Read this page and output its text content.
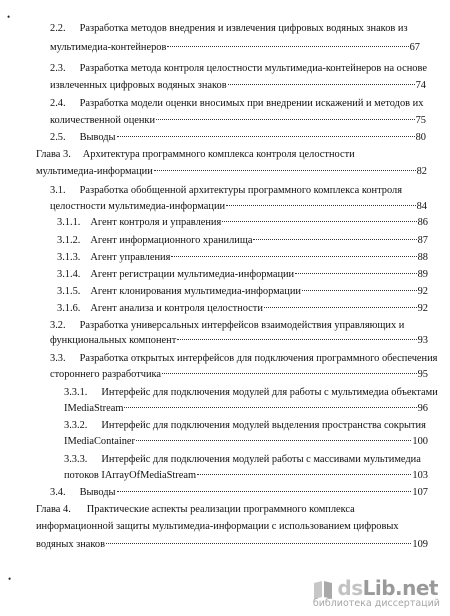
•
2.2. Разработка методов внедрения и извлечения цифровых водяных знаков из
мультимедиа-контейнеров	67
2.3. Разработка метода контроля целостности мультимедиа-контейнеров на основе
извлеченных цифровых водяных знаков	74
2.4. Разработка модели оценки вносимых при внедрении искажений и методов их
количественной оценки	75
2.5. Выводы	80
Глава 3. Архитектура программного комплекса контроля целостности
мультимедиа-информации	82
3.1. Разработка обобщенной архитектуры программного комплекса контроля
целостности мультимедиа-информации	84
3.1.1. Агент контроля и управления	86
3.1.2. Агент информационного хранилища	87
3.1.3. Агент управления	88
3.1.4. Агент регистрации мультимедиа-информации	89
3.1.5. Агент клонирования мультимедиа-информации	92
3.1.6. Агент анализа и контроля целостности	92
3.2. Разработка универсальных интерфейсов взаимодействия управляющих и
функциональных компонент	93
3.3. Разработка открытых интерфейсов для подключения программного обеспечения
стороннего разработчика	95
3.3.1. Интерфейс для подключения модулей для работы с мультимедиа объектами
IMediaStream	96
3.3.2. Интерфейс для подключения модулей выделения пространства сокрытия
IMediaContainer	100
3.3.3. Интерфейс для подключения модулей работы с массивами мультимедиа
потоков IArrayOfMediaStream	103
3.4. Выводы	107
Глава 4. Практические аспекты реализации программного комплекса
информационной защиты мультимедиа-информации с использованием цифровых
водяных знаков	109
•	dsLib.net
библиотека диссертаций
